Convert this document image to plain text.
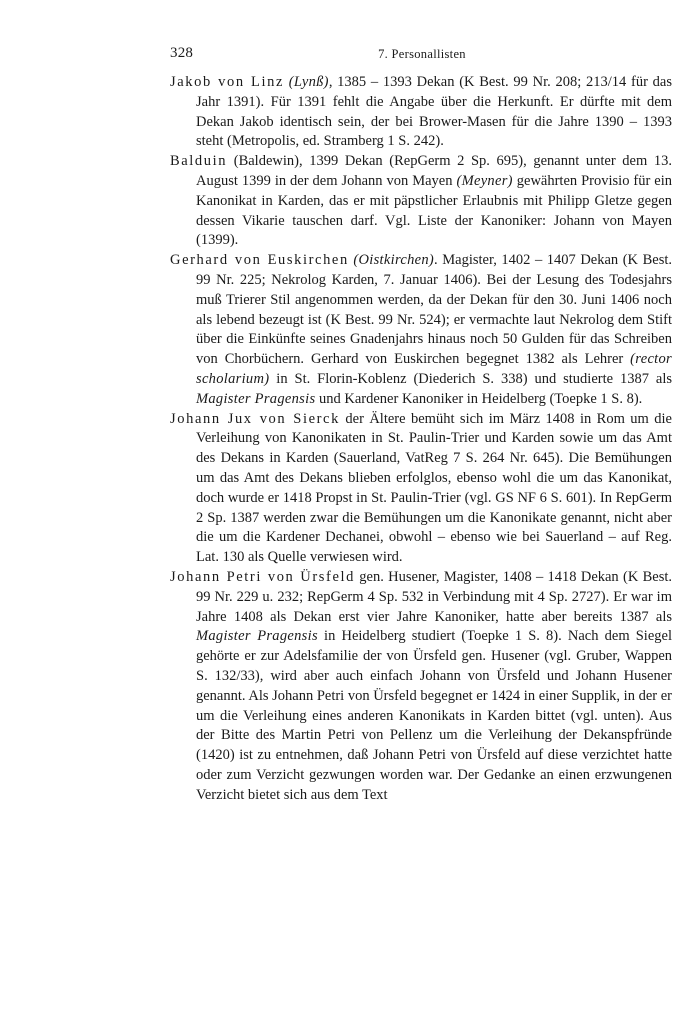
328	7. Personallisten

Jakob von Linz (Lynß), 1385 – 1393 Dekan (K Best. 99 Nr. 208; 213/14 für das Jahr 1391). Für 1391 fehlt die Angabe über die Herkunft. Er dürfte mit dem Dekan Jakob identisch sein, der bei Brower-Masen für die Jahre 1390 – 1393 steht (Metropolis, ed. Stramberg 1 S. 242).

Balduin (Baldewin), 1399 Dekan (RepGerm 2 Sp. 695), genannt unter dem 13. August 1399 in der dem Johann von Mayen (Meyner) gewährten Provisio für ein Kanonikat in Karden, das er mit päpstlicher Erlaubnis mit Philipp Gletze gegen dessen Vikarie tauschen darf. Vgl. Liste der Kanoniker: Johann von Mayen (1399).

Gerhard von Euskirchen (Oistkirchen). Magister, 1402 – 1407 Dekan (K Best. 99 Nr. 225; Nekrolog Karden, 7. Januar 1406). Bei der Lesung des Todesjahrs muß Trierer Stil angenommen werden, da der Dekan für den 30. Juni 1406 noch als lebend bezeugt ist (K Best. 99 Nr. 524); er vermachte laut Nekrolog dem Stift über die Einkünfte seines Gnadenjahrs hinaus noch 50 Gulden für das Schreiben von Chorbüchern. Gerhard von Euskirchen begegnet 1382 als Lehrer (rector scholarium) in St. Florin-Koblenz (Diederich S. 338) und studierte 1387 als Magister Pragensis und Kardener Kanoniker in Heidelberg (Toepke 1 S. 8).

Johann Jux von Sierck der Ältere bemüht sich im März 1408 in Rom um die Verleihung von Kanonikaten in St. Paulin-Trier und Karden sowie um das Amt des Dekans in Karden (Sauerland, VatReg 7 S. 264 Nr. 645). Die Bemühungen um das Amt des Dekans blieben erfolglos, ebenso wohl die um das Kanonikat, doch wurde er 1418 Propst in St. Paulin-Trier (vgl. GS NF 6 S. 601). In RepGerm 2 Sp. 1387 werden zwar die Bemühungen um die Kanonikate genannt, nicht aber die um die Kardener Dechanei, obwohl – ebenso wie bei Sauerland – auf Reg. Lat. 130 als Quelle verwiesen wird.

Johann Petri von Ürsfeld gen. Husener, Magister, 1408 – 1418 Dekan (K Best. 99 Nr. 229 u. 232; RepGerm 4 Sp. 532 in Verbindung mit 4 Sp. 2727). Er war im Jahre 1408 als Dekan erst vier Jahre Kanoniker, hatte aber bereits 1387 als Magister Pragensis in Heidelberg studiert (Toepke 1 S. 8). Nach dem Siegel gehörte er zur Adelsfamilie der von Ürsfeld gen. Husener (vgl. Gruber, Wappen S. 132/33), wird aber auch einfach Johann von Ürsfeld und Johann Husener genannt. Als Johann Petri von Ürsfeld begegnet er 1424 in einer Supplik, in der er um die Verleihung eines anderen Kanonikats in Karden bittet (vgl. unten). Aus der Bitte des Martin Petri von Pellenz um die Verleihung der Dekanspfründe (1420) ist zu entnehmen, daß Johann Petri von Ürsfeld auf diese verzichtet hatte oder zum Verzicht gezwungen worden war. Der Gedanke an einen erzwungenen Verzicht bietet sich aus dem Text
